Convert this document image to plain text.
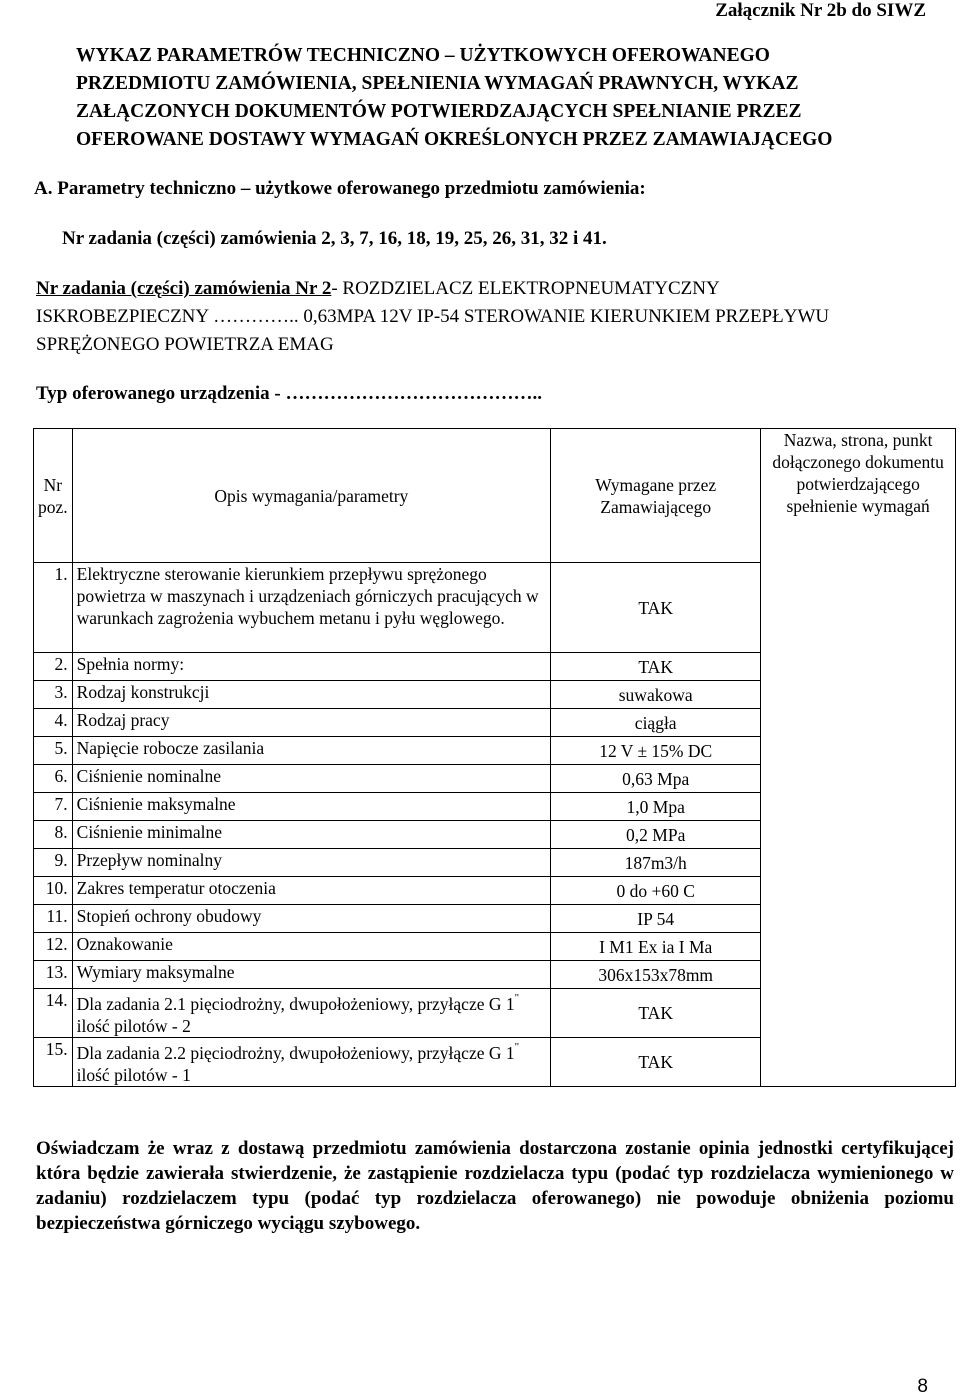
Załącznik Nr 2b do SIWZ
WYKAZ PARAMETRÓW TECHNICZNO – UŻYTKOWYCH OFEROWANEGO
PRZEDMIOTU ZAMÓWIENIA, SPEŁNIENIA WYMAGAŃ PRAWNYCH, WYKAZ
ZAŁĄCZONYCH DOKUMENTÓW POTWIERDZAJĄCYCH SPEŁNIANIE PRZEZ
OFEROWANE DOSTAWY WYMAGAŃ OKREŚLONYCH PRZEZ ZAMAWIAJĄCEGO
A. Parametry techniczno – użytkowe oferowanego przedmiotu zamówienia:
Nr zadania (części) zamówienia 2, 3, 7, 16, 18, 19, 25, 26, 31, 32 i 41.
Nr zadania (części) zamówienia Nr 2- ROZDZIELACZ ELEKTROPNEUMATYCZNY ISKROBEZPIECZNY ………….. 0,63MPA 12V IP-54 STEROWANIE KIERUNKIEM PRZEPŁYWU SPRĘŻONEGO POWIETRZA EMAG
Typ oferowanego urządzenia - …………………………………..
Nr poz.	Opis wymagania/parametry	Wymagane przez Zamawiającego	Nazwa, strona, punkt dołączonego dokumentu potwierdzającego spełnienie wymagań
1.	Elektryczne sterowanie kierunkiem przepływu sprężonego powietrza w maszynach i urządzeniach górniczych pracujących w warunkach zagrożenia wybuchem metanu i pyłu węglowego.	TAK	
2.	Spełnia normy:	TAK	
3.	Rodzaj konstrukcji	suwakowa	
4.	Rodzaj pracy	ciągła	
5.	Napięcie robocze zasilania	12 V ± 15% DC	
6.	Ciśnienie nominalne	0,63 Mpa	
7.	Ciśnienie maksymalne	1,0 Mpa	
8.	Ciśnienie minimalne	0,2 MPa	
9.	Przepływ nominalny	187m3/h	
10.	Zakres temperatur otoczenia	0 do +60 C	
11.	Stopień ochrony obudowy	IP 54	
12.	Oznakowanie	I M1 Ex ia I Ma	
13.	Wymiary maksymalne	306x153x78mm	
14.	Dla zadania 2.1 pięciodrożny, dwupołożeniowy, przyłącze G 1" ilość pilotów - 2	TAK	
15.	Dla zadania 2.2 pięciodrożny, dwupołożeniowy, przyłącze G 1" ilość pilotów - 1	TAK	
Oświadczam że wraz z dostawą przedmiotu zamówienia dostarczona zostanie opinia jednostki certyfikującej która będzie zawierała stwierdzenie, że zastąpienie rozdzielacza typu (podać typ rozdzielacza wymienionego w zadaniu) rozdzielaczem typu (podać typ rozdzielacza oferowanego) nie powoduje obniżenia poziomu bezpieczeństwa górniczego wyciągu szybowego.
8
